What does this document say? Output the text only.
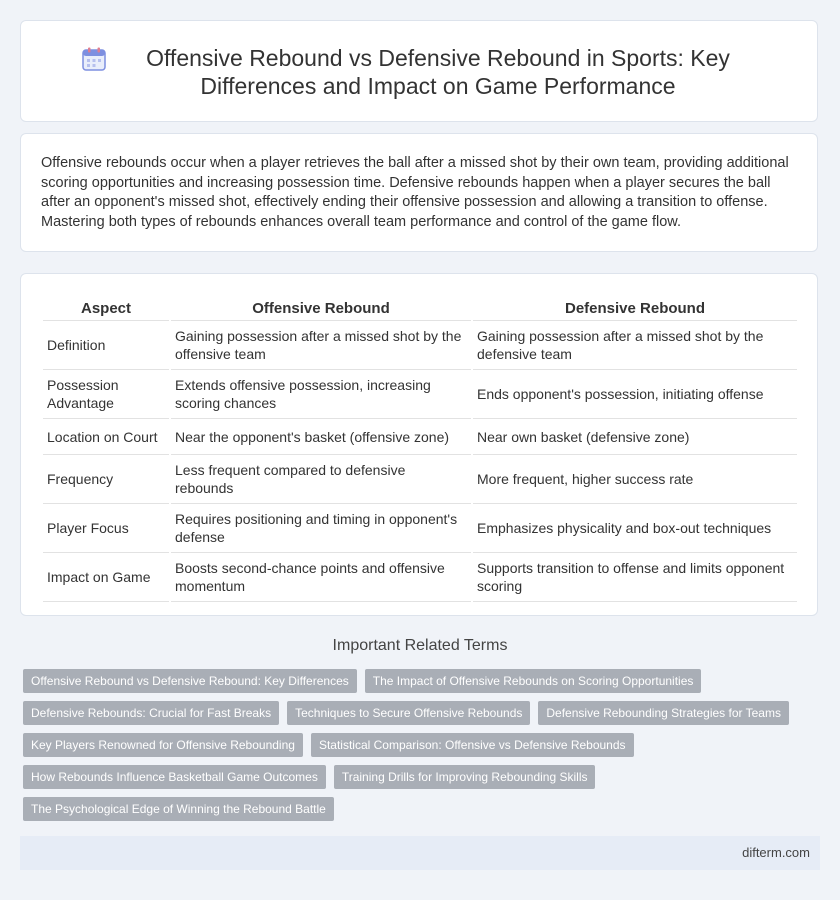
Offensive Rebound vs Defensive Rebound in Sports: Key Differences and Impact on Game Performance

Offensive rebounds occur when a player retrieves the ball after a missed shot by their own team, providing additional scoring opportunities and increasing possession time. Defensive rebounds happen when a player secures the ball after an opponent's missed shot, effectively ending their offensive possession and allowing a transition to offense. Mastering both types of rebounds enhances overall team performance and control of the game flow.

Aspect	Offensive Rebound	Defensive Rebound
Definition	Gaining possession after a missed shot by the offensive team	Gaining possession after a missed shot by the defensive team
Possession Advantage	Extends offensive possession, increasing scoring chances	Ends opponent's possession, initiating offense
Location on Court	Near the opponent's basket (offensive zone)	Near own basket (defensive zone)
Frequency	Less frequent compared to defensive rebounds	More frequent, higher success rate
Player Focus	Requires positioning and timing in opponent's defense	Emphasizes physicality and box-out techniques
Impact on Game	Boosts second-chance points and offensive momentum	Supports transition to offense and limits opponent scoring
Important Related Terms
Offensive Rebound vs Defensive Rebound: Key Differences	The Impact of Offensive Rebounds on Scoring Opportunities
Defensive Rebounds: Crucial for Fast Breaks	Techniques to Secure Offensive Rebounds	Defensive Rebounding Strategies for Teams
Key Players Renowned for Offensive Rebounding	Statistical Comparison: Offensive vs Defensive Rebounds
How Rebounds Influence Basketball Game Outcomes	Training Drills for Improving Rebounding Skills
The Psychological Edge of Winning the Rebound Battle
difterm.com
